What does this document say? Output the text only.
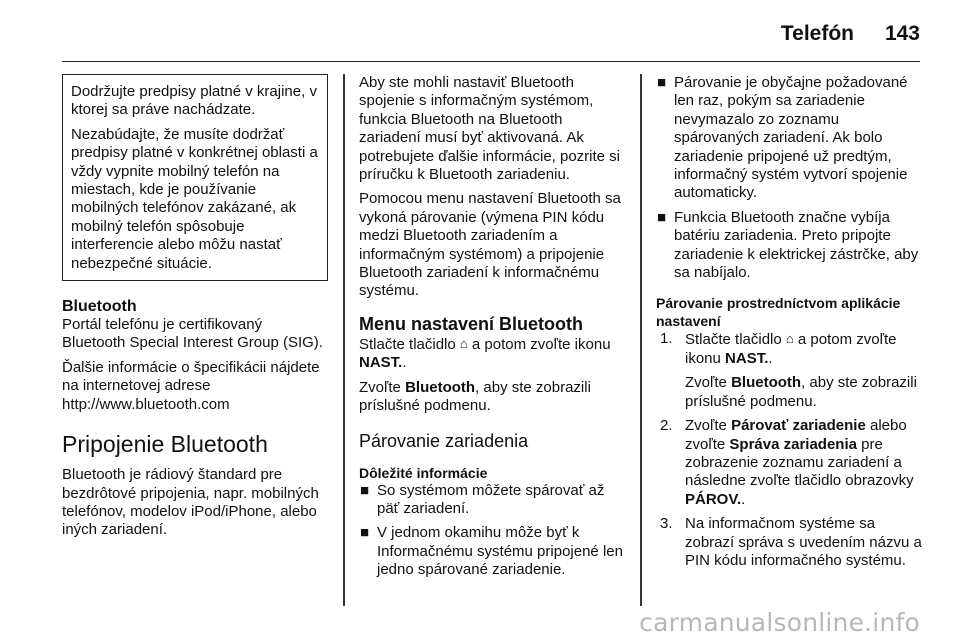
Telefón 143

Dodržujte predpisy platné v krajine, v ktorej sa práve nachádzate.

Nezabúdajte, že musíte dodržať predpisy platné v konkrétnej oblasti a vždy vypnite mobilný telefón na miestach, kde je používanie mobilných telefónov zakázané, ak mobilný telefón spôsobuje interferencie alebo môžu nastať nebezpečné situácie.

Bluetooth

Portál telefónu je certifikovaný Bluetooth Special Interest Group (SIG).

Ďalšie informácie o špecifikácii nájdete na internetovej adrese http://www.bluetooth.com

Pripojenie Bluetooth

Bluetooth je rádiový štandard pre bezdrôtové pripojenia, napr. mobilných telefónov, modelov iPod/iPhone, alebo iných zariadení.

Aby ste mohli nastaviť Bluetooth spojenie s informačným systémom, funkcia Bluetooth na Bluetooth zariadení musí byť aktivovaná. Ak potrebujete ďalšie informácie, pozrite si príručku k Bluetooth zariadeniu.

Pomocou menu nastavení Bluetooth sa vykoná párovanie (výmena PIN kódu medzi Bluetooth zariadením a informačným systémom) a pripojenie Bluetooth zariadení k informačnému systému.

Menu nastavení Bluetooth

Stlačte tlačidlo ⌂ a potom zvoľte ikonu NAST..

Zvoľte Bluetooth, aby ste zobrazili príslušné podmenu.

Párovanie zariadenia
Dôležité informácie
■ So systémom môžete spárovať až päť zariadení.
■ V jednom okamihu môže byť k Informačnému systému pripojené len jedno spárované zariadenie.
■ Párovanie je obyčajne požadované len raz, pokým sa zariadenie nevymazalo zo zoznamu spárovaných zariadení. Ak bolo zariadenie pripojené už predtým, informačný systém vytvorí spojenie automaticky.
■ Funkcia Bluetooth značne vybíja batériu zariadenia. Preto pripojte zariadenie k elektrickej zástrčke, aby sa nabíjalo.
Párovanie prostredníctvom aplikácie nastavení
1. Stlačte tlačidlo ⌂ a potom zvoľte ikonu NAST..
Zvoľte Bluetooth, aby ste zobrazili príslušné podmenu.
2. Zvoľte Párovať zariadenie alebo zvoľte Správa zariadenia pre zobrazenie zoznamu zariadení a následne zvoľte tlačidlo obrazovky PÁROV..
3. Na informačnom systéme sa zobrazí správa s uvedením názvu a PIN kódu informačného systému.
carmanualsonline.info
